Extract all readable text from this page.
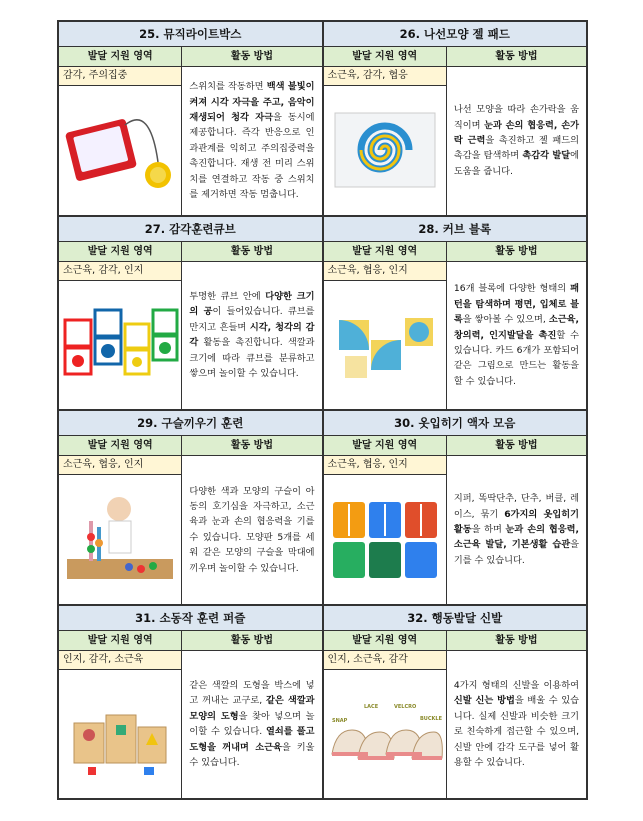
25. 뮤직라이트박스
발달 지원 영역	활동 방법
감각, 주의집중
스위치를 작동하면 백색 불빛이 켜져 시각 자극을 주고, 음악이 재생되어 청각 자극을 동시에 제공합니다. 즉각 반응으로 인과관계를 익히고 주의집중력을 촉진합니다. 재생 전 미리 스위치를 연결하고 작동 중 스위치를 제거하면 작동 멈춥니다.
26. 나선모양 젤 패드
발달 지원 영역	활동 방법
소근육, 감각, 협응
나선 모양을 따라 손가락을 움직이며 눈과 손의 협응력, 손가락 근력을 촉진하고 젤 패드의 촉감을 탐색하며 촉감각 발달에 도움을 줍니다.
27. 감각훈련큐브
발달 지원 영역	활동 방법
소근육, 감각, 인지
투명한 큐브 안에 다양한 크기의 공이 들어있습니다. 큐브를 만지고 흔들며 시각, 청각의 감각 활동을 촉진합니다. 색깔과 크기에 따라 큐브를 분류하고 쌓으며 놀이할 수 있습니다.
28. 커브 블록
발달 지원 영역	활동 방법
소근육, 협응, 인지
16개 블록에 다양한 형태의 패턴을 탐색하며 평면, 입체로 블록을 쌓아볼 수 있으며, 소근육, 창의력, 인지발달을 촉진할 수 있습니다. 카드 6개가 포함되어 같은 그림으로 만드는 활동을 할 수 있습니다.
29. 구슬끼우기 훈련
발달 지원 영역	활동 방법
소근육, 협응, 인지
다양한 색과 모양의 구슬이 아동의 호기심을 자극하고, 소근육과 눈과 손의 협응력을 기를 수 있습니다. 모양판 5개를 세워 같은 모양의 구슬을 막대에 끼우며 놀이할 수 있습니다.
30. 옷입히기 액자 모음
발달 지원 영역	활동 방법
소근육, 협응, 인지
지퍼, 똑딱단추, 단추, 버클, 레이스, 묶기 6가지의 옷입히기 활동을 하며 눈과 손의 협응력, 소근육 발달, 기본생활 습관을 기를 수 있습니다.
31. 소동작 훈련 퍼즐
발달 지원 영역	활동 방법
인지, 감각, 소근육
같은 색깔의 도형을 박스에 넣고 꺼내는 교구로, 같은 색깔과 모양의 도형을 찾아 넣으며 놀이할 수 있습니다. 열쇠를 풀고 도형을 꺼내며 소근육을 키울 수 있습니다.
32. 행동발달 신발
발달 지원 영역	활동 방법
인지, 소근육, 감각
SNAP
LACE	VELCRO
BUCKLE
4가지 형태의 신발을 이용하여 신발 신는 방법을 배울 수 있습니다. 실제 신발과 비슷한 크기로 친숙하게 접근할 수 있으며, 신발 안에 감각 도구를 넣어 활용할 수 있습니다.
